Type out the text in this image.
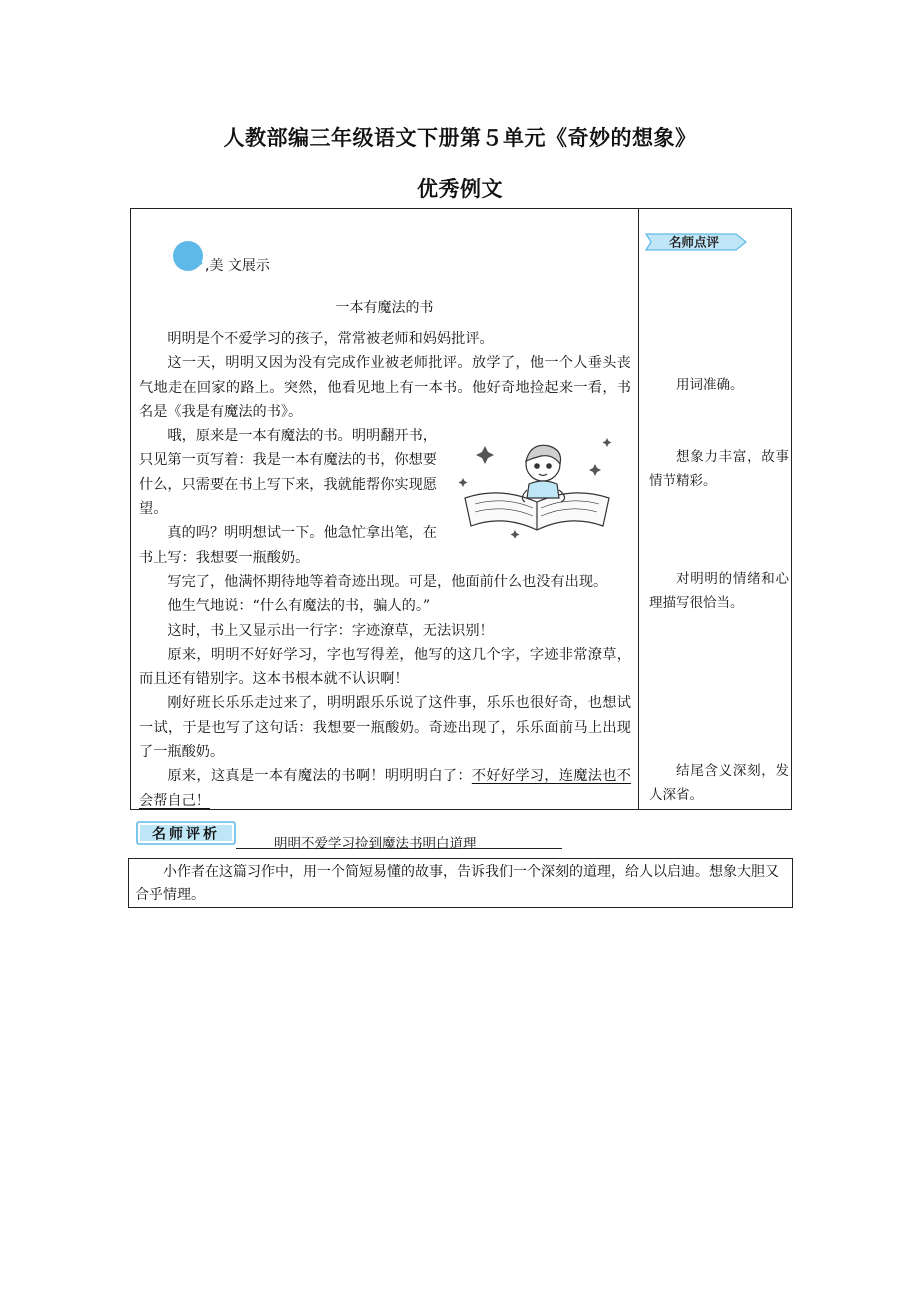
人教部编三年级语文下册第５单元《奇妙的想象》
优秀例文
,美 文展示
一本有魔法的书

明明是个不爱学习的孩子，常常被老师和妈妈批评。

这一天，明明又因为没有完成作业被老师批评。放学了，他一个人垂头丧气地走在回家的路上。突然，他看见地上有一本书。他好奇地捡起来一看，书名是《我是有魔法的书》。

哦，原来是一本有魔法的书。明明翻开书，只见第一页写着：我是一本有魔法的书，你想要什么，只需要在书上写下来，我就能帮你实现愿望。

真的吗？明明想试一下。他急忙拿出笔，在书上写：我想要一瓶酸奶。

写完了，他满怀期待地等着奇迹出现。可是，他面前什么也没有出现。

他生气地说：“什么有魔法的书，骗人的。”

这时，书上又显示出一行字：字迹潦草，无法识别！

原来，明明不好好学习，字也写得差，他写的这几个字，字迹非常潦草，而且还有错别字。这本书根本就不认识啊！

刚好班长乐乐走过来了，明明跟乐乐说了这件事，乐乐也很好奇，也想试一试，于是也写了这句话：我想要一瓶酸奶。奇迹出现了，乐乐面前马上出现了一瓶酸奶。

原来，这真是一本有魔法的书啊！明明明白了：不好好学习，连魔法也不会帮自己！

名师点评
用词准确。
想象力丰富，故事情节精彩。
对明明的情绪和心理描写很恰当。
结尾含义深刻，发人深省。
名师评析
明明不爱学习 捡到魔法书 明白道理
小作者在这篇习作中，用一个简短易懂的故事，告诉我们一个深刻的道理，给人以启迪。想象大胆又合乎情理。
